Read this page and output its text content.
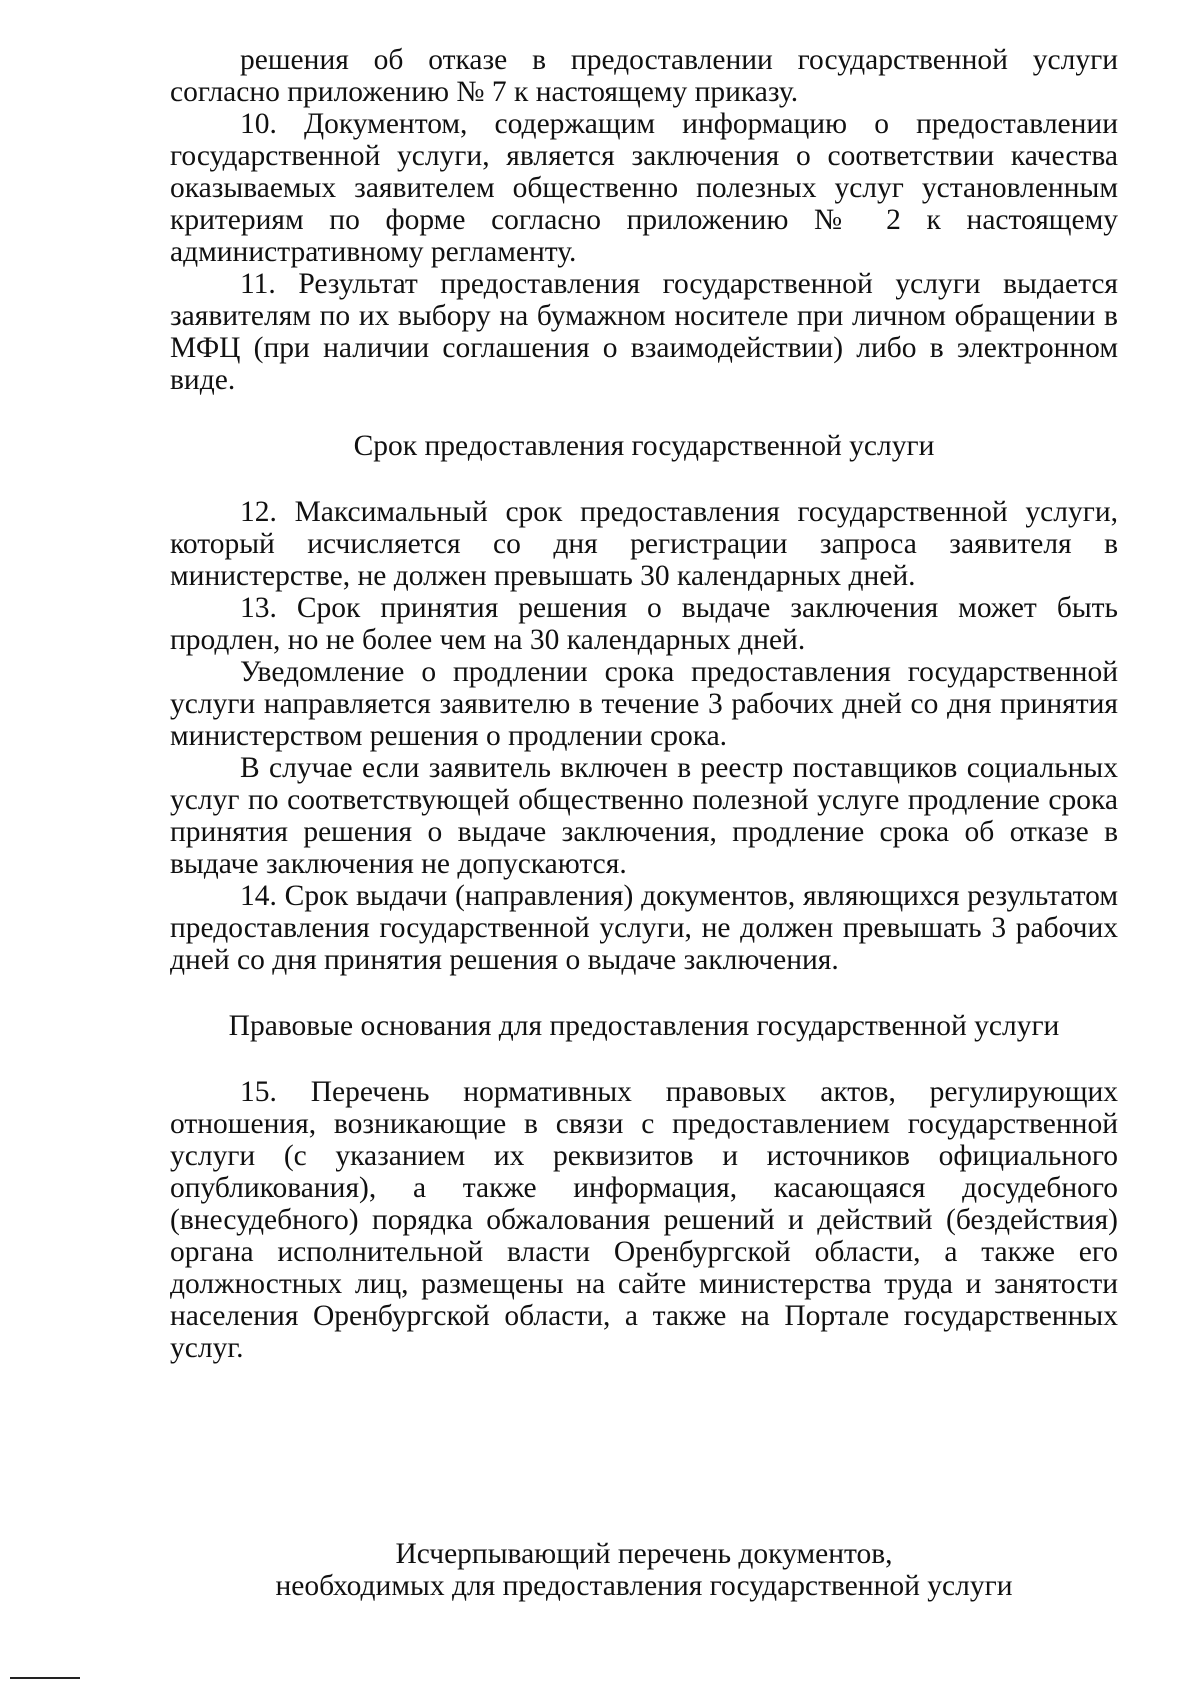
решения об отказе в предоставлении государственной услуги согласно приложению № 7 к настоящему приказу.

10. Документом, содержащим информацию о предоставлении государственной услуги, является заключения о соответствии качества оказываемых заявителем общественно полезных услуг установленным критериям по форме согласно приложению № 2 к настоящему административному регламенту.

11. Результат предоставления государственной услуги выдается заявителям по их выбору на бумажном носителе при личном обращении в МФЦ (при наличии соглашения о взаимодействии) либо в электронном виде.

Срок предоставления государственной услуги

12. Максимальный срок предоставления государственной услуги, который исчисляется со дня регистрации запроса заявителя в министерстве, не должен превышать 30 календарных дней.

13. Срок принятия решения о выдаче заключения может быть продлен, но не более чем на 30 календарных дней.

Уведомление о продлении срока предоставления государственной услуги направляется заявителю в течение 3 рабочих дней со дня принятия министерством решения о продлении срока.

В случае если заявитель включен в реестр поставщиков социальных услуг по соответствующей общественно полезной услуге продление срока принятия решения о выдаче заключения, продление срока об отказе в выдаче заключения не допускаются.

14. Срок выдачи (направления) документов, являющихся результатом предоставления государственной услуги, не должен превышать 3 рабочих дней со дня принятия решения о выдаче заключения.

Правовые основания для предоставления государственной услуги

15. Перечень нормативных правовых актов, регулирующих отношения, возникающие в связи с предоставлением государственной услуги (с указанием их реквизитов и источников официального опубликования), а также информация, касающаяся досудебного (внесудебного) порядка обжалования решений и действий (бездействия) органа исполнительной власти Оренбургской области, а также его должностных лиц, размещены на сайте министерства труда и занятости населения Оренбургской области, а также на Портале государственных услуг.

Исчерпывающий перечень документов,

необходимых для предоставления государственной услуги
